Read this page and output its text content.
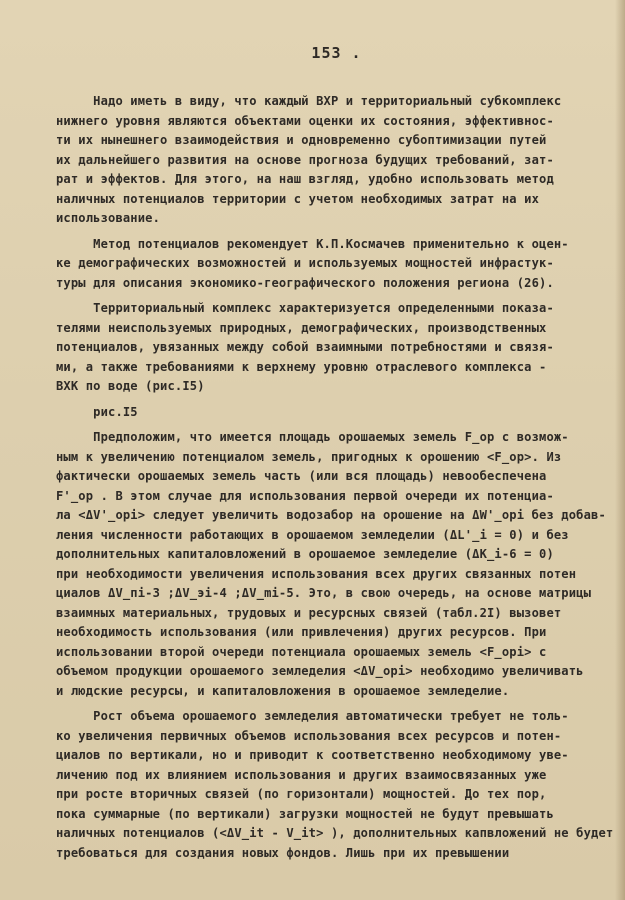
153 .
Надо иметь в виду, что каждый ВХР и территориальный субкомплекс
нижнего уровня являются объектами оценки их состояния, эффективнос-
ти их нынешнего взаимодействия и одновременно субоптимизации путей
их дальнейшего развития на основе прогноза будущих требований, зат-
рат и эффектов. Для этого, на наш взгляд, удобно использовать метод
наличных потенциалов территории с учетом необходимых затрат на их
использование.
Метод потенциалов рекомендует К.П.Космачев применительно к оцен-
ке демографических возможностей и используемых мощностей инфрастук-
туры для описания экономико-географического положения региона (26).
Территориальный комплекс характеризуется определенными показа-
телями неиспользуемых природных, демографических, производственных
потенциалов, увязанных между собой взаимными потребностями и связя-
ми, а также требованиями к верхнему уровню отраслевого комплекса -
ВХК по воде (рис.I5)
рис.I5
Предположим, что имеется площадь орошаемых земель F_ор с возмож-
ным к увеличению потенциалом земель, пригодных к орошению <F_ор>. Из
фактически орошаемых земель часть (или вся площадь) невообеспечена
F'_ор . В этом случае для использования первой очереди их потенциа-
ла <ΔV'_орi> следует увеличить водозабор на орошение на ΔW'_орi без добав-
ления численности работающих в орошаемом земледелии (ΔL'_i = 0) и без
дополнительных капиталовложений в орошаемое земледелие (ΔK_i-6 = 0)
при необходимости увеличения использования всех других связанных потен
циалов ΔV_пi-3 ;ΔV_эi-4 ;ΔV_mi-5. Это, в свою очередь, на основе матрицы
взаимных материальных, трудовых и ресурсных связей (табл.2I) вызовет
необходимость использования (или привлечения) других ресурсов. При
использовании второй очереди потенциала орошаемых земель <F_орi> с
объемом продукции орошаемого земледелия <ΔV_орi> необходимо увеличивать
и людские ресурсы, и капиталовложения в орошаемое земледелие.
Рост объема орошаемого земледелия автоматически требует не толь-
ко увеличения первичных объемов использования всех ресурсов и потен-
циалов по вертикали, но и приводит к соответственно необходимому уве-
личению под их влиянием использования и других взаимосвязанных уже
при росте вторичных связей (по горизонтали) мощностей. До тех пор,
пока суммарные (по вертикали) загрузки мощностей не будут превышать
наличных потенциалов (<ΔV_it - V_it> ), дополнительных капвложений не будет
требоваться для создания новых фондов. Лишь при их превышении
